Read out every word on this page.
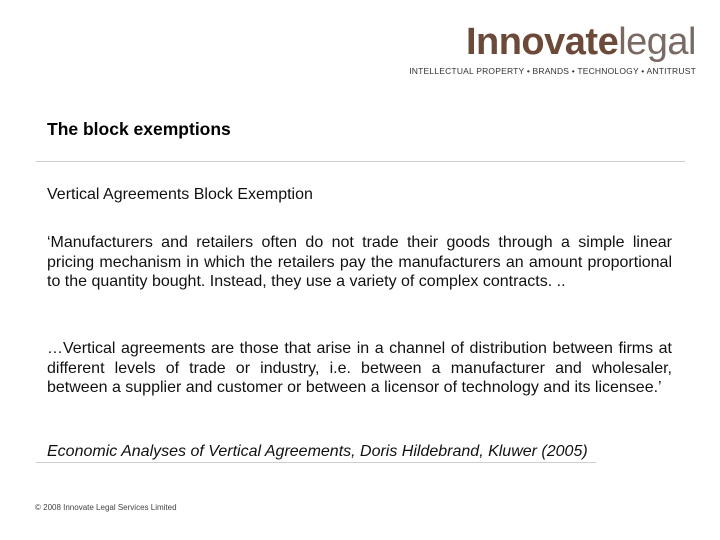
Innovatelegal
INTELLECTUAL PROPERTY • BRANDS • TECHNOLOGY • ANTITRUST
The block exemptions
Vertical Agreements Block Exemption

‘Manufacturers and retailers often do not trade their goods through a simple linear pricing mechanism in which the retailers pay the manufacturers an amount proportional to the quantity bought. Instead, they use a variety of complex contracts. ..

…Vertical agreements are those that arise in a channel of distribution between firms at different levels of trade or industry, i.e. between a manufacturer and wholesaler, between a supplier and customer or between a licensor of technology and its licensee.’

Economic Analyses of Vertical Agreements, Doris Hildebrand, Kluwer (2005)
© 2008 Innovate Legal Services Limited
